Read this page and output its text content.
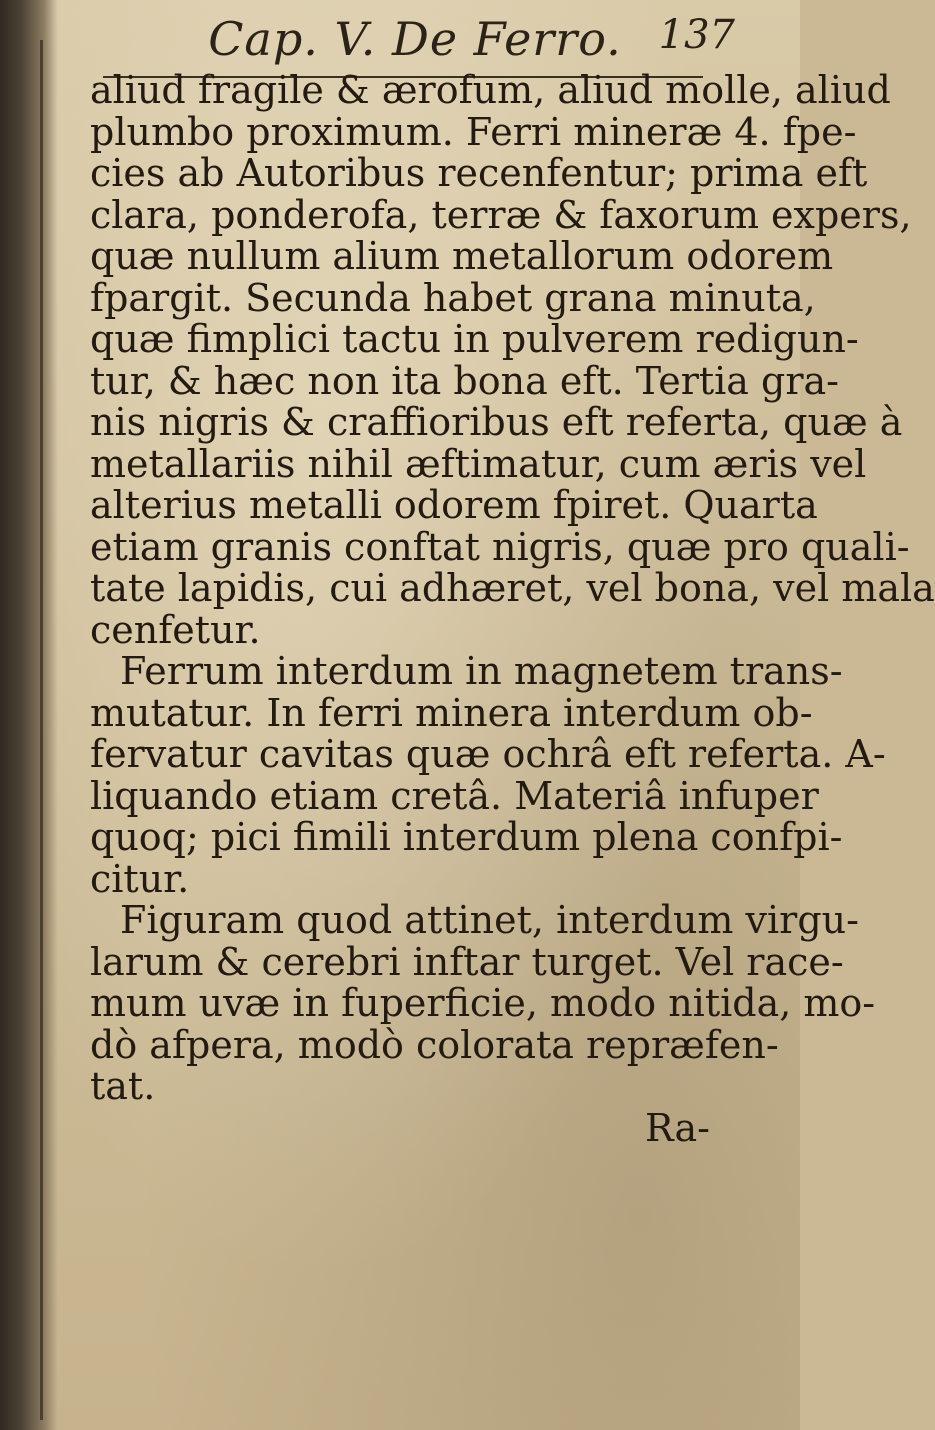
Cap. V. De Ferro. 137
aliud fragile & ærofum, aliud molle, aliud
plumbo proximum. Ferri mineræ 4. fpe-
cies ab Autoribus recenfentur; prima eft
clara, ponderofa, terræ & faxorum expers,
quæ nullum alium metallorum odorem
fpargit. Secunda habet grana minuta,
quæ fimplici tactu in pulverem redigun-
tur, & hæc non ita bona eft. Tertia gra-
nis nigris & craffioribus eft referta, quæ à
metallariis nihil æftimatur, cum æris vel
alterius metalli odorem fpiret. Quarta
etiam granis conftat nigris, quæ pro quali-
tate lapidis, cui adhæret, vel bona, vel mala
cenfetur.
Ferrum interdum in magnetem trans-
mutatur. In ferri minera interdum ob-
fervatur cavitas quæ ochrâ eft referta. A-
liquando etiam cretâ. Materiâ infuper
quoq; pici fimili interdum plena confpi-
citur.
Figuram quod attinet, interdum virgu-
larum & cerebri inftar turget. Vel race-
mum uvæ in fuperficie, modo nitida, mo-
dò afpera, modò colorata repræfen-
tat.
Ra-
